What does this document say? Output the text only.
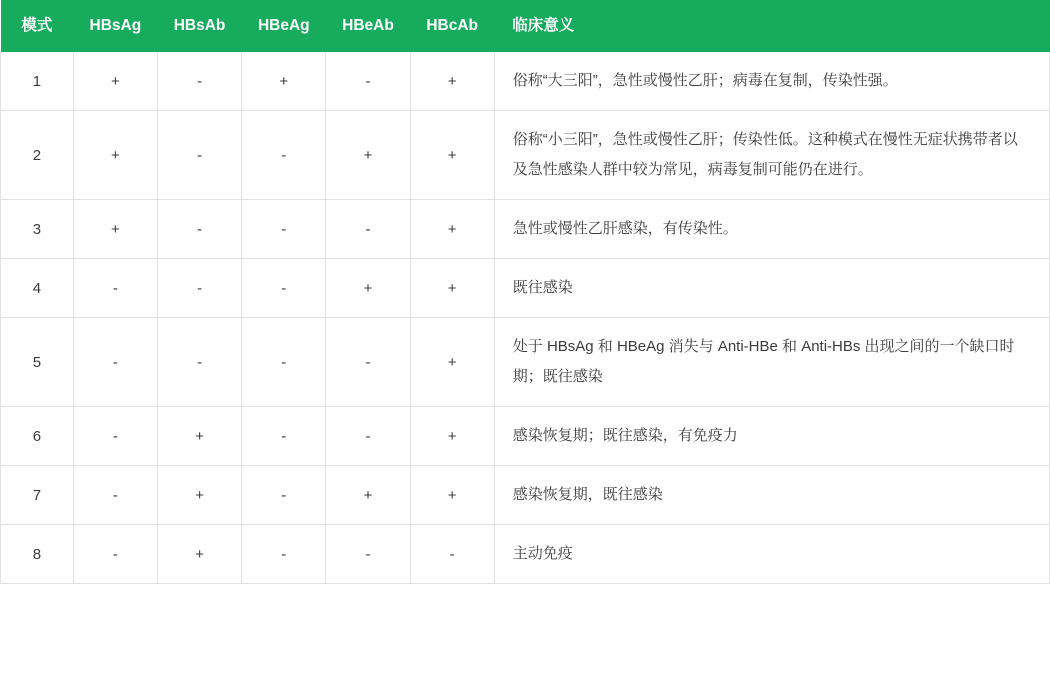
模式	HBsAg	HBsAb	HBeAg	HBeAb	HBcAb	临床意义
1	+	-	+	-	+	俗称“大三阳”，急性或慢性乙肝；病毒在复制，传染性强。
2	+	-	-	+	+	俗称“小三阳”，急性或慢性乙肝；传染性低。这种模式在慢性无症状携带者以及急性感染人群中较为常见，病毒复制可能仍在进行。
3	+	-	-	-	+	急性或慢性乙肝感染，有传染性。
4	-	-	-	+	+	既往感染
5	-	-	-	-	+	处于 HBsAg 和 HBeAg 消失与 Anti-HBe 和 Anti-HBs 出现之间的一个缺口时期；既往感染
6	-	+	-	-	+	感染恢复期；既往感染，有免疫力
7	-	+	-	+	+	感染恢复期，既往感染
8	-	+	-	-	-	主动免疫
